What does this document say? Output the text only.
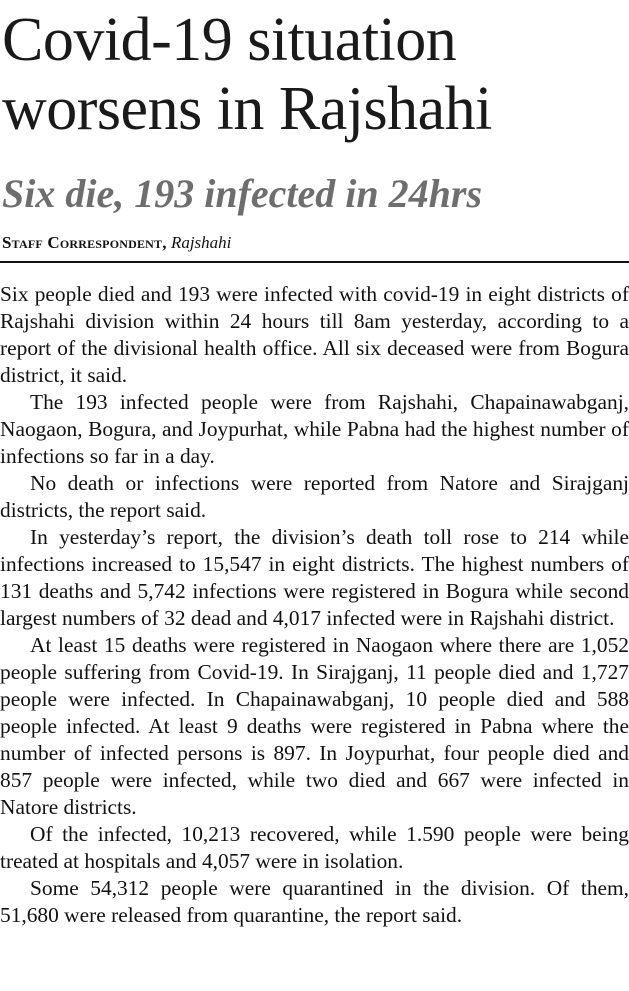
Covid-19 situation worsens in Rajshahi
Six die, 193 infected in 24hrs
Staff Correspondent, Rajshahi

Six people died and 193 were infected with covid-19 in eight districts of Rajshahi division within 24 hours till 8am yesterday, according to a report of the divisional health office. All six deceased were from Bogura district, it said.

The 193 infected people were from Rajshahi, Chapainawabganj, Naogaon, Bogura, and Joypurhat, while Pabna had the highest number of infections so far in a day.

No death or infections were reported from Natore and Sirajganj districts, the report said.

In yesterday’s report, the division’s death toll rose to 214 while infections increased to 15,547 in eight districts. The highest numbers of 131 deaths and 5,742 infections were registered in Bogura while second largest numbers of 32 dead and 4,017 infected were in Rajshahi district.

At least 15 deaths were registered in Naogaon where there are 1,052 people suffering from Covid-19. In Sirajganj, 11 people died and 1,727 people were infected. In Chapainawabganj, 10 people died and 588 people infected. At least 9 deaths were registered in Pabna where the number of infected persons is 897. In Joypurhat, four people died and 857 people were infected, while two died and 667 were infected in Natore districts.

Of the infected, 10,213 recovered, while 1.590 people were being treated at hospitals and 4,057 were in isolation.

Some 54,312 people were quarantined in the division. Of them, 51,680 were released from quarantine, the report said.
